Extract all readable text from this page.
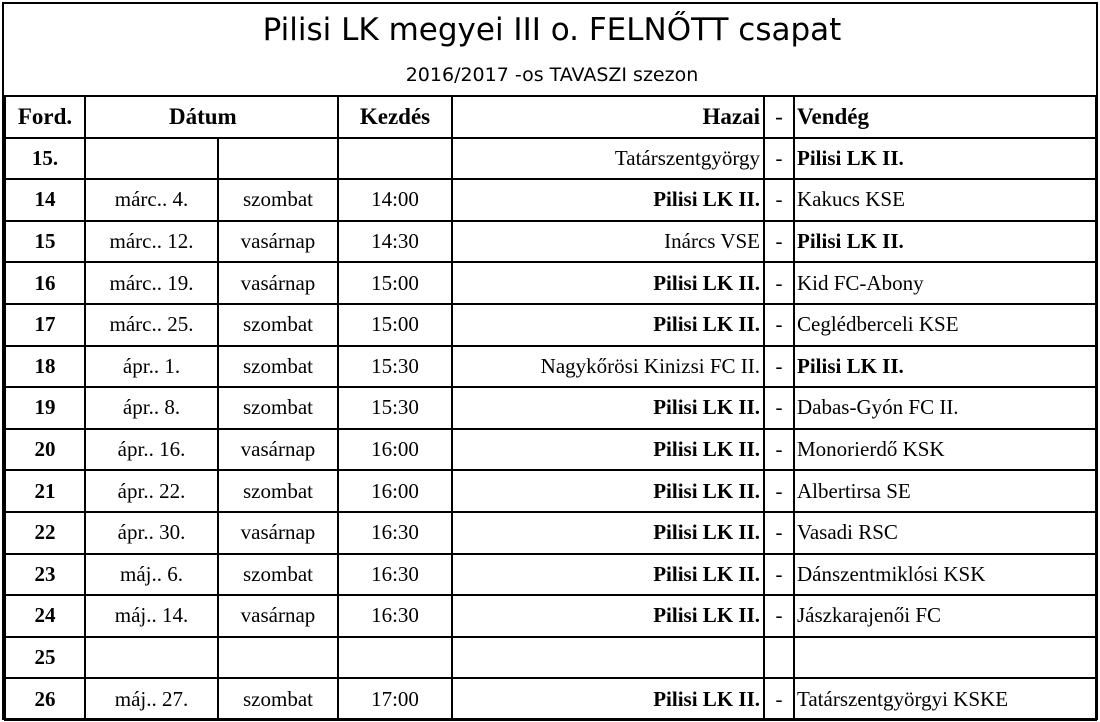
Pilisi LK megyei III o. FELNŐTT csapat
2016/2017 -os TAVASZI szezon
Ford.	Dátum		Kezdés	Hazai	-	Vendég
15.				Tatárszentgyörgy	-	Pilisi LK II.
14	márc.. 4.	szombat	14:00	Pilisi LK II.	-	Kakucs KSE
15	márc.. 12.	vasárnap	14:30	Inárcs VSE	-	Pilisi LK II.
16	márc.. 19.	vasárnap	15:00	Pilisi LK II.	-	Kid FC-Abony
17	márc.. 25.	szombat	15:00	Pilisi LK II.	-	Ceglédberceli KSE
18	ápr.. 1.	szombat	15:30	Nagykőrösi Kinizsi FC II.	-	Pilisi LK II.
19	ápr.. 8.	szombat	15:30	Pilisi LK II.	-	Dabas-Gyón FC II.
20	ápr.. 16.	vasárnap	16:00	Pilisi LK II.	-	Monorierdő KSK
21	ápr.. 22.	szombat	16:00	Pilisi LK II.	-	Albertirsa SE
22	ápr.. 30.	vasárnap	16:30	Pilisi LK II.	-	Vasadi RSC
23	máj.. 6.	szombat	16:30	Pilisi LK II.	-	Dánszentmiklósi KSK
24	máj.. 14.	vasárnap	16:30	Pilisi LK II.	-	Jászkarajenői FC
25						
26	máj.. 27.	szombat	17:00	Pilisi LK II.	-	Tatárszentgyörgyi KSKE
